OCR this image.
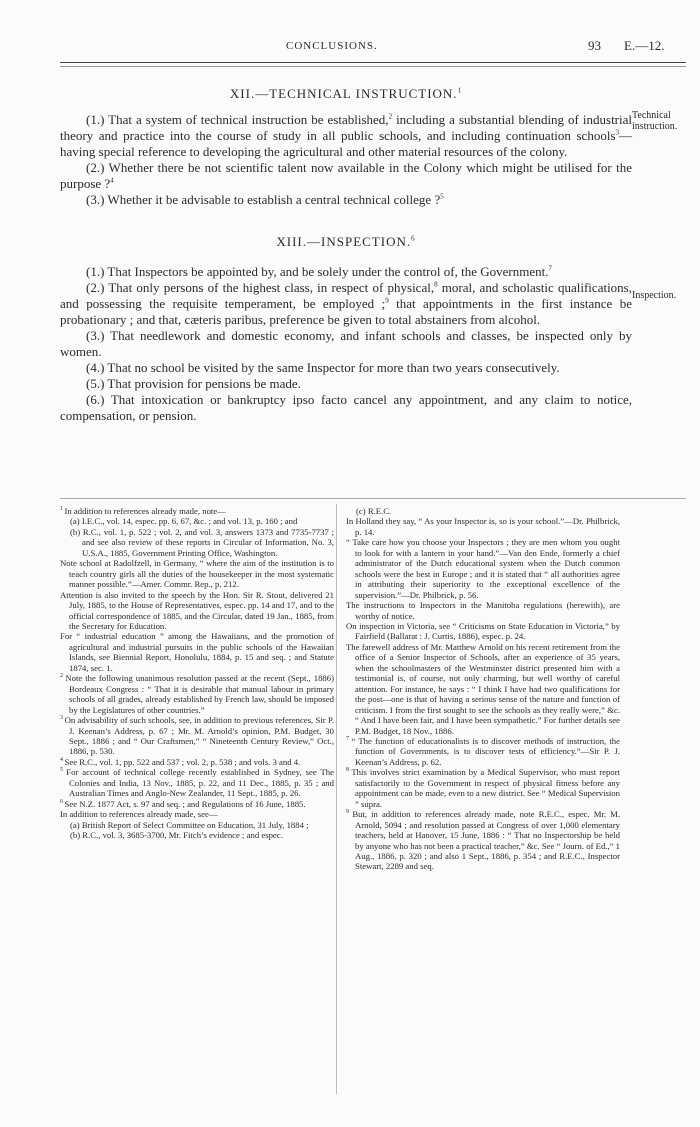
CONCLUSIONS.	93 E.—12.
XII.—TECHNICAL INSTRUCTION.$^1$

(1.) That a system of technical instruction be established,$^2$ including a substantial blending of industrial theory and practice into the course of study in all public schools, and including continuation schools$^3$—having special reference to developing the agricultural and other material resources of the colony.

(2.) Whether there be not scientific talent now available in the Colony which might be utilised for the purpose ?$^4$

(3.) Whether it be advisable to establish a central technical college ?$^5$

XIII.—INSPECTION.$^6$

(1.) That Inspectors be appointed by, and be solely under the control of, the Government.$^7$

(2.) That only persons of the highest class, in respect of physical,$^8$ moral, and scholastic qualifications, and possessing the requisite temperament, be employed ;$^9$ that appointments in the first instance be probationary ; and that, cæteris paribus, preference be given to total abstainers from alcohol.

(3.) That needlework and domestic economy, and infant schools and classes, be inspected only by women.

(4.) That no school be visited by the same Inspector for more than two years consecutively.

(5.) That provision for pensions be made.

(6.) That intoxication or bankruptcy ipso facto cancel any appointment, and any claim to notice, compensation, or pension.

Technical instruction.
Inspection.

$^1$ In addition to references already made, note—

(a) I.E.C., vol. 14, espec. pp. 6, 67, &c. ; and vol. 13, p. 160 ; and

(b) R.C., vol. 1, p. 522 ; vol. 2, and vol. 3, answers 1373 and 7735-7737 ; and see also review of these reports in Circular of Information, No. 3, U.S.A., 1885, Government Printing Office, Washington.

Note school at Radolfzell, in Germany, “ where the aim of the institution is to teach country girls all the duties of the housekeeper in the most systematic manner possible.”—Amer. Commr. Rep., p. 212.

Attention is also invited to the speech by the Hon. Sir R. Stout, delivered 21 July, 1885, to the House of Representatives, espec. pp. 14 and 17, and to the official correspondence of 1885, and the Circular, dated 19 Jan., 1885, from the Secretary for Education.

For “ industrial education ” among the Hawaiians, and the promotion of agricultural and industrial pursuits in the public schools of the Hawaiian Islands, see Biennial Report, Honolulu, 1884, p. 15 and seq. ; and Statute 1874, sec. 1.

$^2$ Note the following unanimous resolution passed at the recent (Sept., 1886) Bordeaux Congress : “ That it is desirable that manual labour in primary schools of all grades, already established by French law, should be imposed by the Legislatures of other countries.”

$^3$ On advisability of such schools, see, in addition to previous references, Sir P. J. Keenan’s Address, p. 67 ; Mr. M. Arnold’s opinion, P.M. Budget, 30 Sept., 1886 ; and “ Our Craftsmen,” “ Nineteenth Century Review,” Oct., 1886, p. 530.

$^4$ See R.C., vol. 1, pp. 522 and 537 ; vol. 2, p. 538 ; and vols. 3 and 4.

$^5$ For account of technical college recently established in Sydney, see The Colonies and India, 13 Nov., 1885, p. 22, and 11 Dec., 1885, p. 35 ; and Australian Times and Anglo-New Zealander, 11 Sept., 1885, p. 26.

$^6$ See N.Z. 1877 Act, s. 97 and seq. ; and Regulations of 16 June, 1885.

In addition to references already made, see—

(a) British Report of Select Committee on Education, 31 July, 1884 ;

(b) R.C., vol. 3, 3685-3700, Mr. Fitch’s evidence ; and espec.

(c) R.E.C.

In Holland they say, “ As your Inspector is, so is your school.”—Dr. Philbrick, p. 14.

“ Take care how you choose your Inspectors ; they are men whom you ought to look for with a lantern in your hand.”—Van den Ende, formerly a chief administrator of the Dutch educational system when the Dutch common schools were the best in Europe ; and it is stated that “ all authorities agree in attributing their superiority to the exceptional excellence of the supervision.”—Dr. Philbrick, p. 56.

The instructions to Inspectors in the Manitoba regulations (herewith), are worthy of notice.

On inspection in Victoria, see “ Criticisms on State Education in Victoria,” by Fairfield (Ballarat : J. Curtis, 1886), espec. p. 24.

The farewell address of Mr. Matthew Arnold on his recent retirement from the office of a Senior Inspector of Schools, after an experience of 35 years, when the schoolmasters of the Westminster district presented him with a testimonial is, of course, not only charming, but well worthy of careful attention. For instance, he says : “ I think I have had two qualifications for the post—one is that of having a serious sense of the nature and function of criticism. I from the first sought to see the schools as they really were,” &c. “ And I have been fair, and I have been sympathetic.” For further details see P.M. Budget, 18 Nov., 1886.

$^7$ “ The function of educationalists is to discover methods of instruction, the function of Governments, is to discover tests of efficiency.”—Sir P. J. Keenan’s Address, p. 62.

$^8$ This involves strict examination by a Medical Supervisor, who must report satisfactorily to the Government in respect of physical fitness before any appointment can be made, even to a new district. See “ Medical Supervision ” supra.

$^9$ But, in addition to references already made, note R.E.C., espec. Mr. M. Arnold, 5094 ; and resolution passed at Congress of over 1,000 elementary teachers, held at Hanover, 15 June, 1886 : “ That no Inspectorship be held by anyone who has not been a practical teacher,” &c. See “ Journ. of Ed.,” 1 Aug., 1886, p. 320 ; and also 1 Sept., 1886, p. 354 ; and R.E.C., Inspector Stewart, 2289 and seq.
